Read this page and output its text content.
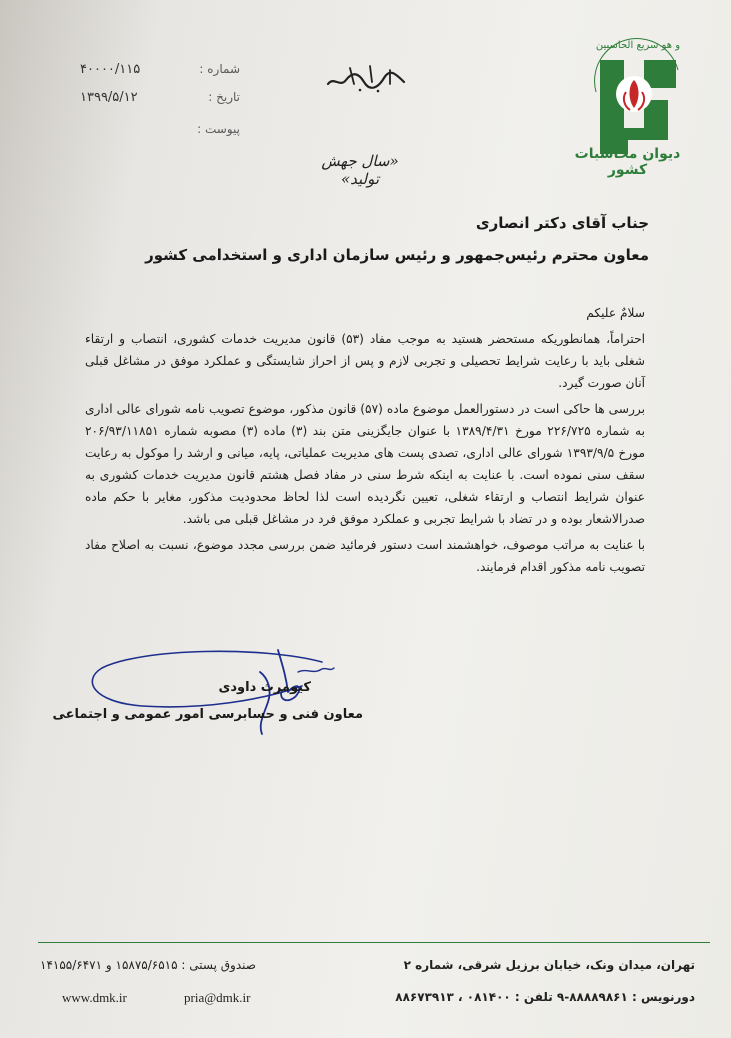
شماره :
۴۰۰۰۰/۱۱۵
تاریخ :
۱۳۹۹/۵/۱۲
پیوست :
«سال جهش تولید»
و هو سریع الحاسبین
دیوان محاسبات کشور
جناب آقای دکتر انصاری
معاون محترم رئیس‌جمهور و رئیس سازمان اداری و استخدامی کشور

سلامٌ علیکم

احتراماً، همانطوریکه مستحضر هستید به موجب مفاد (۵۳) قانون مدیریت خدمات کشوری، انتصاب و ارتقاء شغلی باید با رعایت شرایط تحصیلی و تجربی لازم و پس از احراز شایستگی و عملکرد موفق در مشاغل قبلی آنان صورت گیرد.

بررسی ها حاکی است در دستورالعمل موضوع ماده (۵۷) قانون مذکور، موضوع تصویب نامه شورای عالی اداری به شماره ۲۲۶/۷۲۵ مورخ ۱۳۸۹/۴/۳۱ با عنوان جایگزینی متن بند (۳) ماده (۳) مصوبه شماره ۲۰۶/۹۳/۱۱۸۵۱ مورخ ۱۳۹۳/۹/۵ شورای عالی اداری، تصدی پست های مدیریت عملیاتی، پایه، میانی و ارشد را موکول به رعایت سقف سنی نموده است. با عنایت به اینکه شرط سنی در مفاد فصل هشتم قانون مدیریت خدمات کشوری به عنوان شرایط انتصاب و ارتقاء شغلی، تعیین نگردیده است لذا لحاظ محدودیت مذکور، مغایر با حکم ماده صدرالاشعار بوده و در تضاد با شرایط تجربی و عملکرد موفق فرد در مشاغل قبلی می باشد.

با عنایت به مراتب موصوف، خواهشمند است دستور فرمائید ضمن بررسی مجدد موضوع، نسبت به اصلاح مفاد تصویب نامه مذکور اقدام فرمایند.

کیومرث داودی
معاون فنی و حسابرسی امور عمومی و اجتماعی
تهران، میدان ونک، خیابان برزیل شرقی، شماره ۲
صندوق پستی : ۱۵۸۷۵/۶۵۱۵ و ۱۴۱۵۵/۶۴۷۱
دورنویس : ۸۸۸۸۹۸۶۱-۹ تلفن : ۰۸۱۴۰۰ ، ۸۸۶۷۳۹۱۳
www.dmk.ir	pria@dmk.ir
